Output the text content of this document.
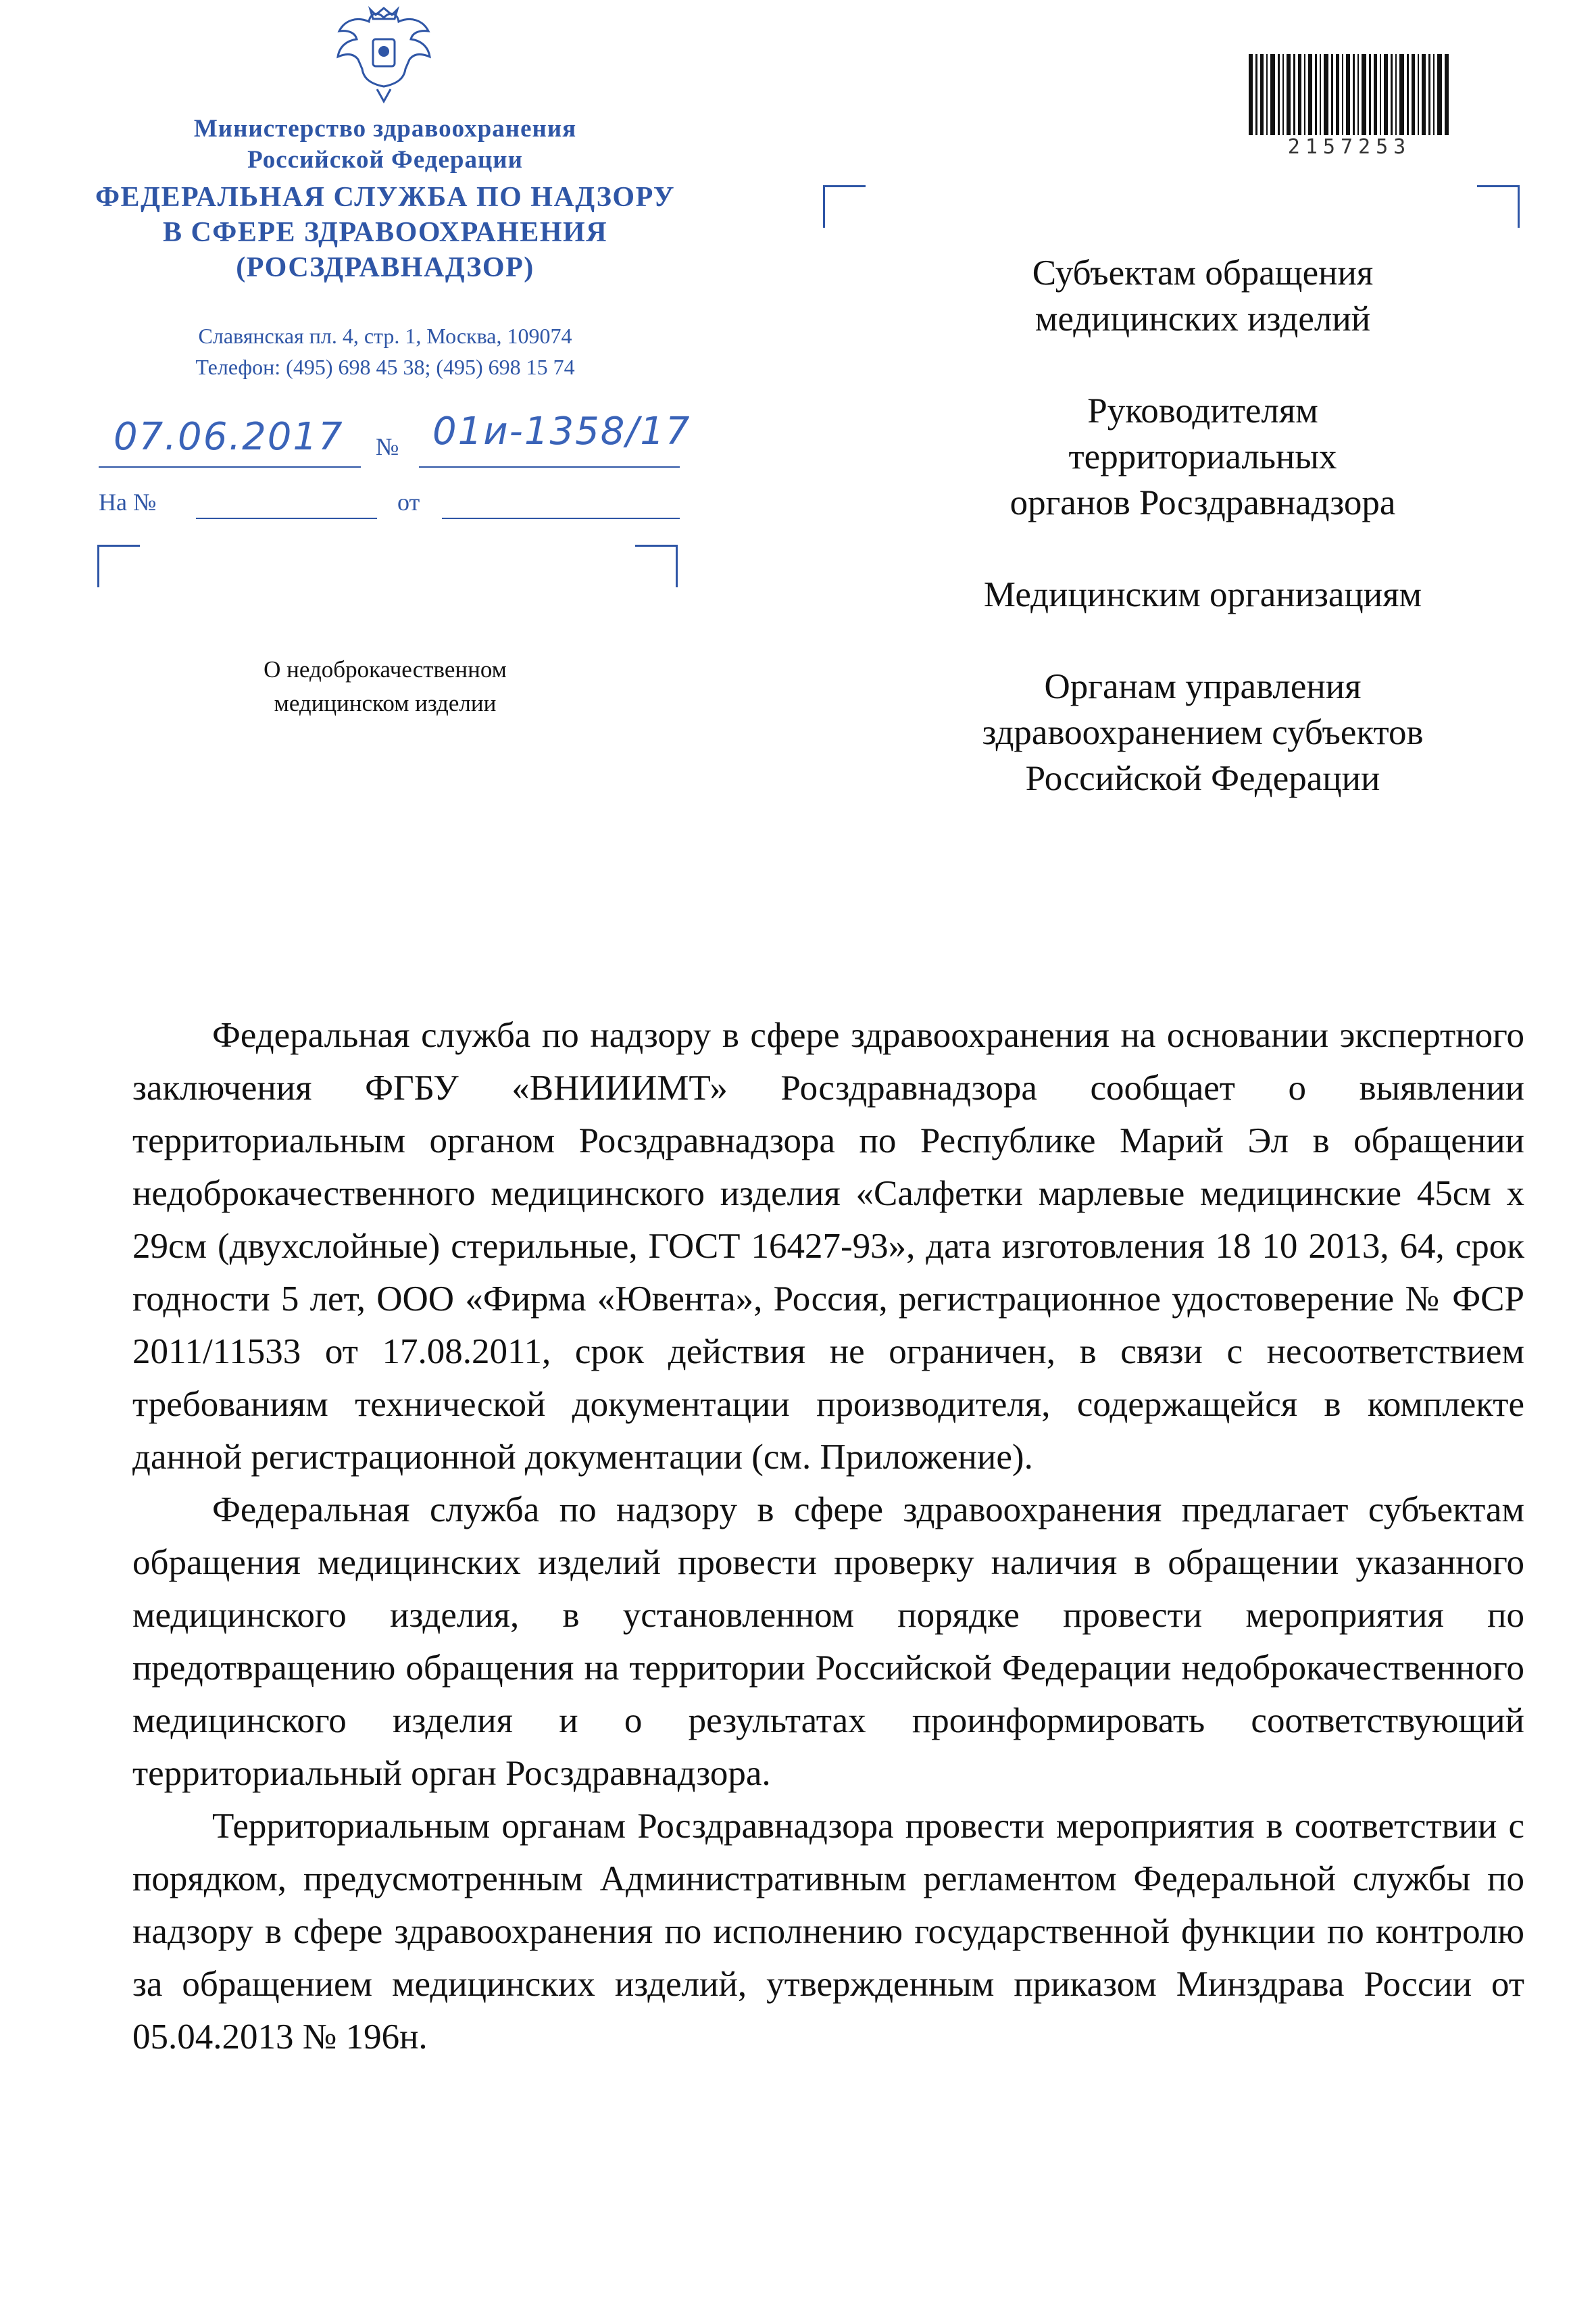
Министерство здравоохранения
Российской Федерации
ФЕДЕРАЛЬНАЯ СЛУЖБА ПО НАДЗОРУ
В СФЕРЕ ЗДРАВООХРАНЕНИЯ
(РОСЗДРАВНАДЗОР)
Славянская пл. 4, стр. 1, Москва, 109074
Телефон: (495) 698 45 38; (495) 698 15 74
07.06.2017 № 01и-1358/17
На №	от
О недоброкачественном
медицинском изделии
2157253
Субъектам обращения
медицинских изделий
Руководителям
территориальных
органов Росздравнадзора
Медицинским организациям
Органам управления
здравоохранением субъектов
Российской Федерации

Федеральная служба по надзору в сфере здравоохранения на основании экспертного заключения ФГБУ «ВНИИИМТ» Росздравнадзора сообщает о выявлении территориальным органом Росздравнадзора по Республике Марий Эл в обращении недоброкачественного медицинского изделия «Салфетки марлевые медицинские 45см х 29см (двухслойные) стерильные, ГОСТ 16427-93», дата изготовления 18 10 2013, 64, срок годности 5 лет, ООО «Фирма «Ювента», Россия, регистрационное удостоверение № ФСР 2011/11533 от 17.08.2011, срок действия не ограничен, в связи с несоответствием требованиям технической документации производителя, содержащейся в комплекте данной регистрационной документации (см. Приложение).

Федеральная служба по надзору в сфере здравоохранения предлагает субъектам обращения медицинских изделий провести проверку наличия в обращении указанного медицинского изделия, в установленном порядке провести мероприятия по предотвращению обращения на территории Российской Федерации недоброкачественного медицинского изделия и о результатах проинформировать соответствующий территориальный орган Росздравнадзора.

Территориальным органам Росздравнадзора провести мероприятия в соответствии с порядком, предусмотренным Административным регламентом Федеральной службы по надзору в сфере здравоохранения по исполнению государственной функции по контролю за обращением медицинских изделий, утвержденным приказом Минздрава России от 05.04.2013 № 196н.
